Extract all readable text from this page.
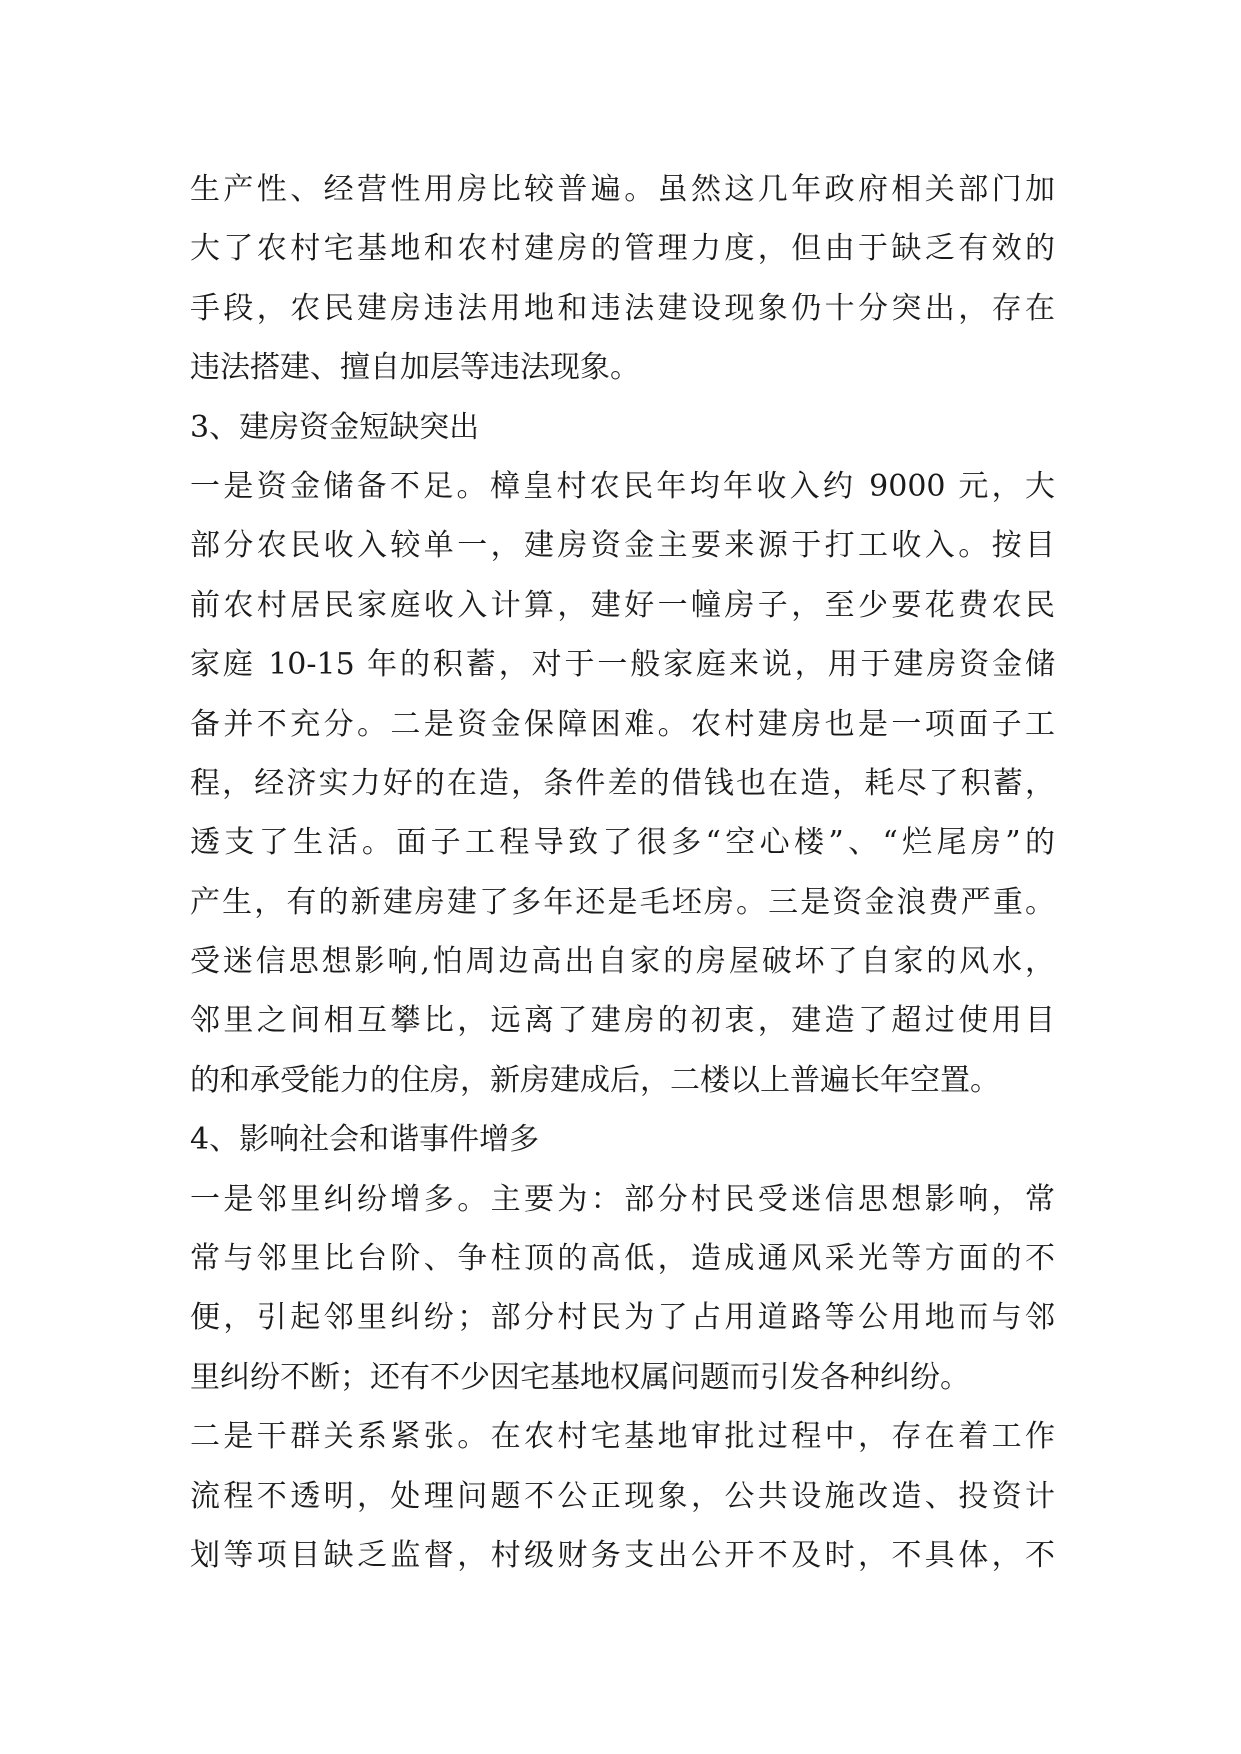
生产性、经营性用房比较普遍。虽然这几年政府相关部门加
大了农村宅基地和农村建房的管理力度，但由于缺乏有效的
手段，农民建房违法用地和违法建设现象仍十分突出，存在
违法搭建、擅自加层等违法现象。
3、建房资金短缺突出
一是资金储备不足。樟皇村农民年均年收入约 9000 元，大
部分农民收入较单一，建房资金主要来源于打工收入。按目
前农村居民家庭收入计算，建好一幢房子，至少要花费农民
家庭 10-15 年的积蓄，对于一般家庭来说，用于建房资金储
备并不充分。二是资金保障困难。农村建房也是一项面子工
程，经济实力好的在造，条件差的借钱也在造，耗尽了积蓄，
透支了生活。面子工程导致了很多“空心楼”、“烂尾房”的
产生，有的新建房建了多年还是毛坯房。三是资金浪费严重。
受迷信思想影响,怕周边高出自家的房屋破坏了自家的风水，
邻里之间相互攀比，远离了建房的初衷，建造了超过使用目
的和承受能力的住房，新房建成后，二楼以上普遍长年空置。
4、影响社会和谐事件增多
一是邻里纠纷增多。主要为：部分村民受迷信思想影响，常
常与邻里比台阶、争柱顶的高低，造成通风采光等方面的不
便，引起邻里纠纷；部分村民为了占用道路等公用地而与邻
里纠纷不断；还有不少因宅基地权属问题而引发各种纠纷。
二是干群关系紧张。在农村宅基地审批过程中，存在着工作
流程不透明，处理问题不公正现象，公共设施改造、投资计
划等项目缺乏监督，村级财务支出公开不及时，不具体，不
